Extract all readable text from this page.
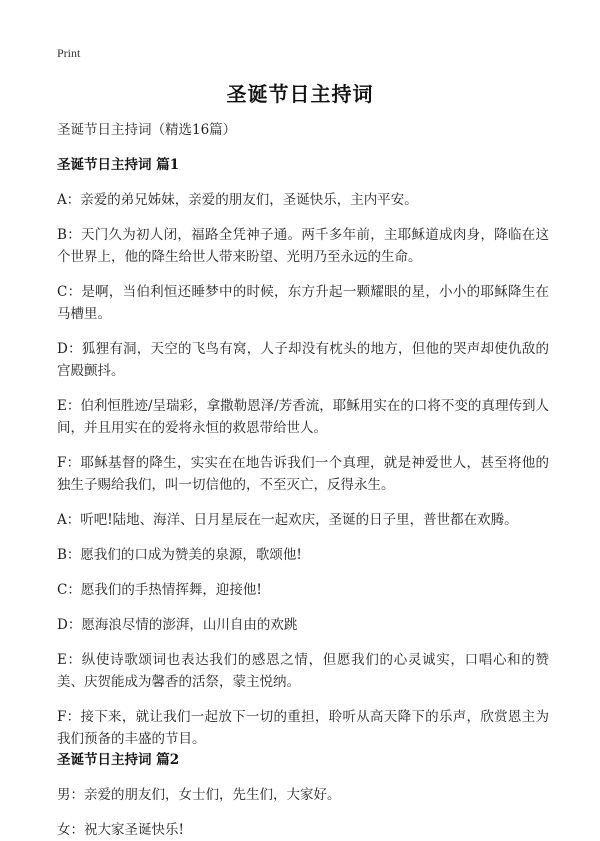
Print
圣诞节日主持词

圣诞节日主持词（精选16篇）

圣诞节日主持词 篇1

A：亲爱的弟兄姊妹，亲爱的朋友们，圣诞快乐，主内平安。

B：天门久为初人闭，福路全凭神子通。两千多年前，主耶稣道成肉身，降临在这个世界上，他的降生给世人带来盼望、光明乃至永远的生命。

C：是啊，当伯利恒还睡梦中的时候，东方升起一颗耀眼的星，小小的耶稣降生在马槽里。

D：狐狸有洞，天空的飞鸟有窝，人子却没有枕头的地方，但他的哭声却使仇敌的宫殿颤抖。

E：伯利恒胜迹/呈瑞彩，拿撒勒恩泽/芳香流，耶稣用实在的口将不变的真理传到人间，并且用实在的爱将永恒的救恩带给世人。

F：耶稣基督的降生，实实在在地告诉我们一个真理，就是神爱世人，甚至将他的独生子赐给我们，叫一切信他的，不至灭亡，反得永生。

A：听吧!陆地、海洋、日月星辰在一起欢庆，圣诞的日子里，普世都在欢腾。

B：愿我们的口成为赞美的泉源，歌颂他!

C：愿我们的手热情挥舞，迎接他!

D：愿海浪尽情的澎湃，山川自由的欢跳

E：纵使诗歌颂词也表达我们的感恩之情，但愿我们的心灵诚实，口唱心和的赞美、庆贺能成为馨香的活祭，蒙主悦纳。

F：接下来，就让我们一起放下一切的重担，聆听从高天降下的乐声，欣赏恩主为我们预备的丰盛的节目。

圣诞节日主持词 篇2

男：亲爱的朋友们，女士们，先生们，大家好。

女：祝大家圣诞快乐!
